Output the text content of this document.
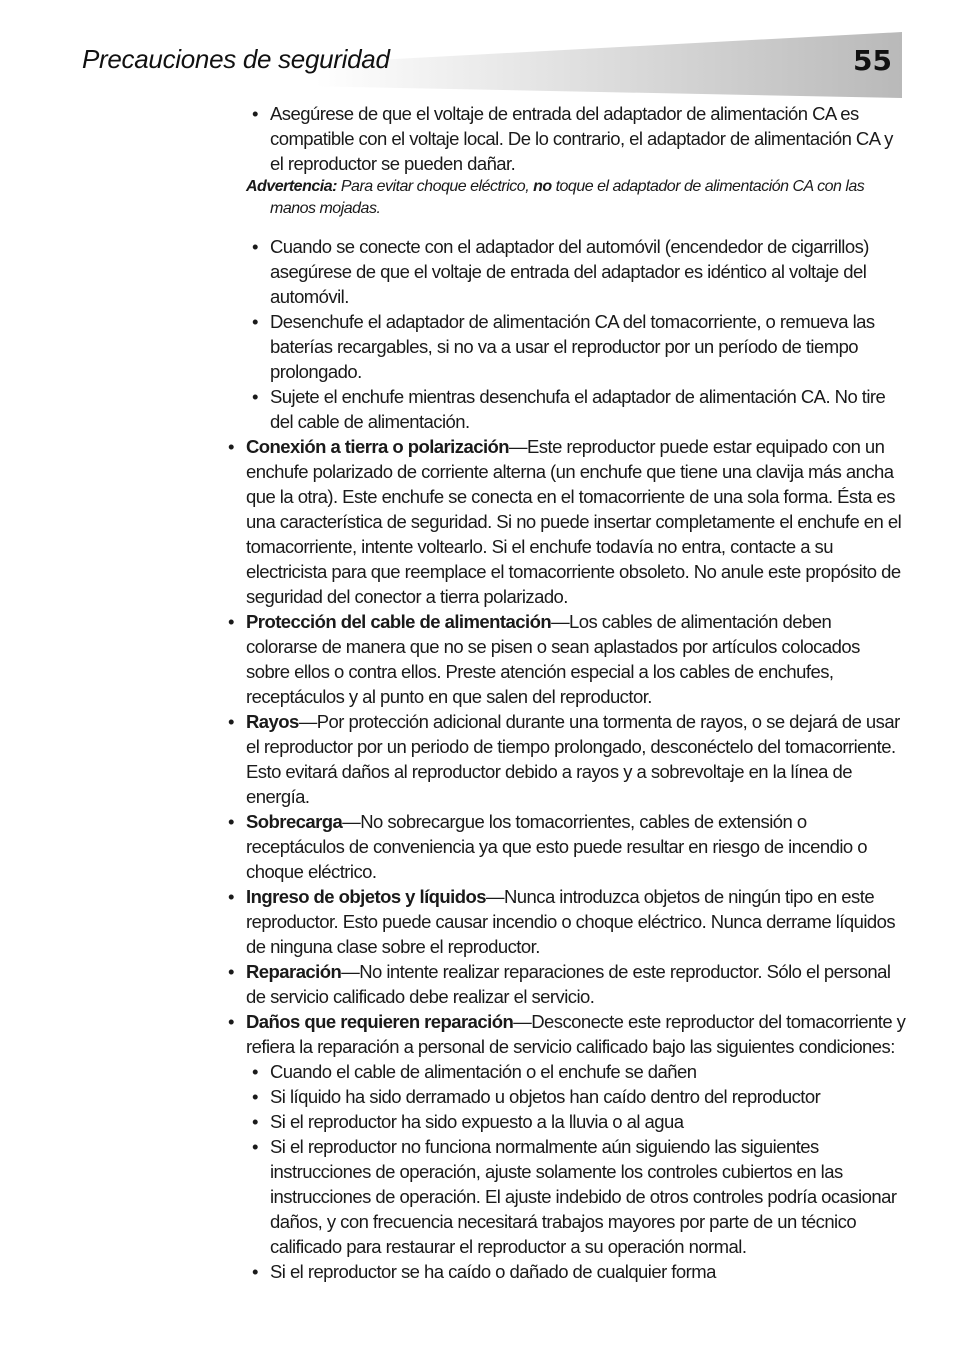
Precauciones de seguridad	55
• Asegúrese de que el voltaje de entrada del adaptador de alimentación CA es compatible con el voltaje local. De lo contrario, el adaptador de alimentación CA y el reproductor se pueden dañar.
Advertencia: Para evitar choque eléctrico, no toque el adaptador de alimentación CA con las
manos mojadas.
• Cuando se conecte con el adaptador del automóvil (encendedor de cigarrillos) asegúrese de que el voltaje de entrada del adaptador es idéntico al voltaje del automóvil.
• Desenchufe el adaptador de alimentación CA del tomacorriente, o remueva las baterías recargables, si no va a usar el reproductor por un período de tiempo prolongado.
• Sujete el enchufe mientras desenchufa el adaptador de alimentación CA. No tire del cable de alimentación.
• Conexión a tierra o polarización—Este reproductor puede estar equipado con un enchufe polarizado de corriente alterna (un enchufe que tiene una clavija más ancha que la otra). Este enchufe se conecta en el tomacorriente de una sola forma. Ésta es una característica de seguridad. Si no puede insertar completamente el enchufe en el tomacorriente, intente voltearlo. Si el enchufe todavía no entra, contacte a su electricista para que reemplace el tomacorriente obsoleto. No anule este propósito de seguridad del conector a tierra polarizado.
• Protección del cable de alimentación—Los cables de alimentación deben colorarse de manera que no se pisen o sean aplastados por artículos colocados sobre ellos o contra ellos. Preste atención especial a los cables de enchufes, receptáculos y al punto en que salen del reproductor.
• Rayos—Por protección adicional durante una tormenta de rayos, o se dejará de usar el reproductor por un periodo de tiempo prolongado, desconéctelo del tomacorriente. Esto evitará daños al reproductor debido a rayos y a sobrevoltaje en la línea de energía.
• Sobrecarga—No sobrecargue los tomacorrientes, cables de extensión o receptáculos de conveniencia ya que esto puede resultar en riesgo de incendio o choque eléctrico.
• Ingreso de objetos y líquidos—Nunca introduzca objetos de ningún tipo en este reproductor. Esto puede causar incendio o choque eléctrico. Nunca derrame líquidos de ninguna clase sobre el reproductor.
• Reparación—No intente realizar reparaciones de este reproductor. Sólo el personal de servicio calificado debe realizar el servicio.
• Daños que requieren reparación—Desconecte este reproductor del tomacorriente y refiera la reparación a personal de servicio calificado bajo las siguientes condiciones:
• Cuando el cable de alimentación o el enchufe se dañen
• Si líquido ha sido derramado u objetos han caído dentro del reproductor
• Si el reproductor ha sido expuesto a la lluvia o al agua
• Si el reproductor no funciona normalmente aún siguiendo las siguientes instrucciones de operación, ajuste solamente los controles cubiertos en las instrucciones de operación. El ajuste indebido de otros controles podría ocasionar daños, y con frecuencia necesitará trabajos mayores por parte de un técnico calificado para restaurar el reproductor a su operación normal.
• Si el reproductor se ha caído o dañado de cualquier forma
